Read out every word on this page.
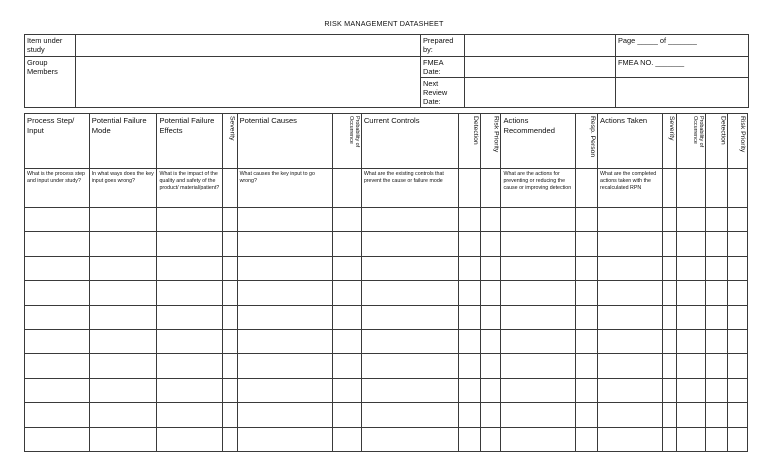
RISK MANAGEMENT DATASHEET
Item under study		Prepared by:		Page _____ of _______
Group Members		FMEA Date:		FMEA NO. _______
		Next Review Date:		
Process Step/ Input	Potential Failure Mode	Potential Failure Effects	Severity	Potential Causes	Probability of Occurrence	Current Controls	Detection	Risk Priority	Actions Recommended	Resp. Person	Actions Taken	Severity	Probability of Occurrence	Detection	Risk Priority

What is the process step and input under study?	In what ways does the key input goes wrong?	What is the impact of the quality and safety of the product/ material/patient?		What causes the key input to go wrong?		What are the existing controls that prevent the cause or failure mode			What are the actions for preventing or reducing the cause or improving detection		What are the completed actions taken with the recalculated RPN				
